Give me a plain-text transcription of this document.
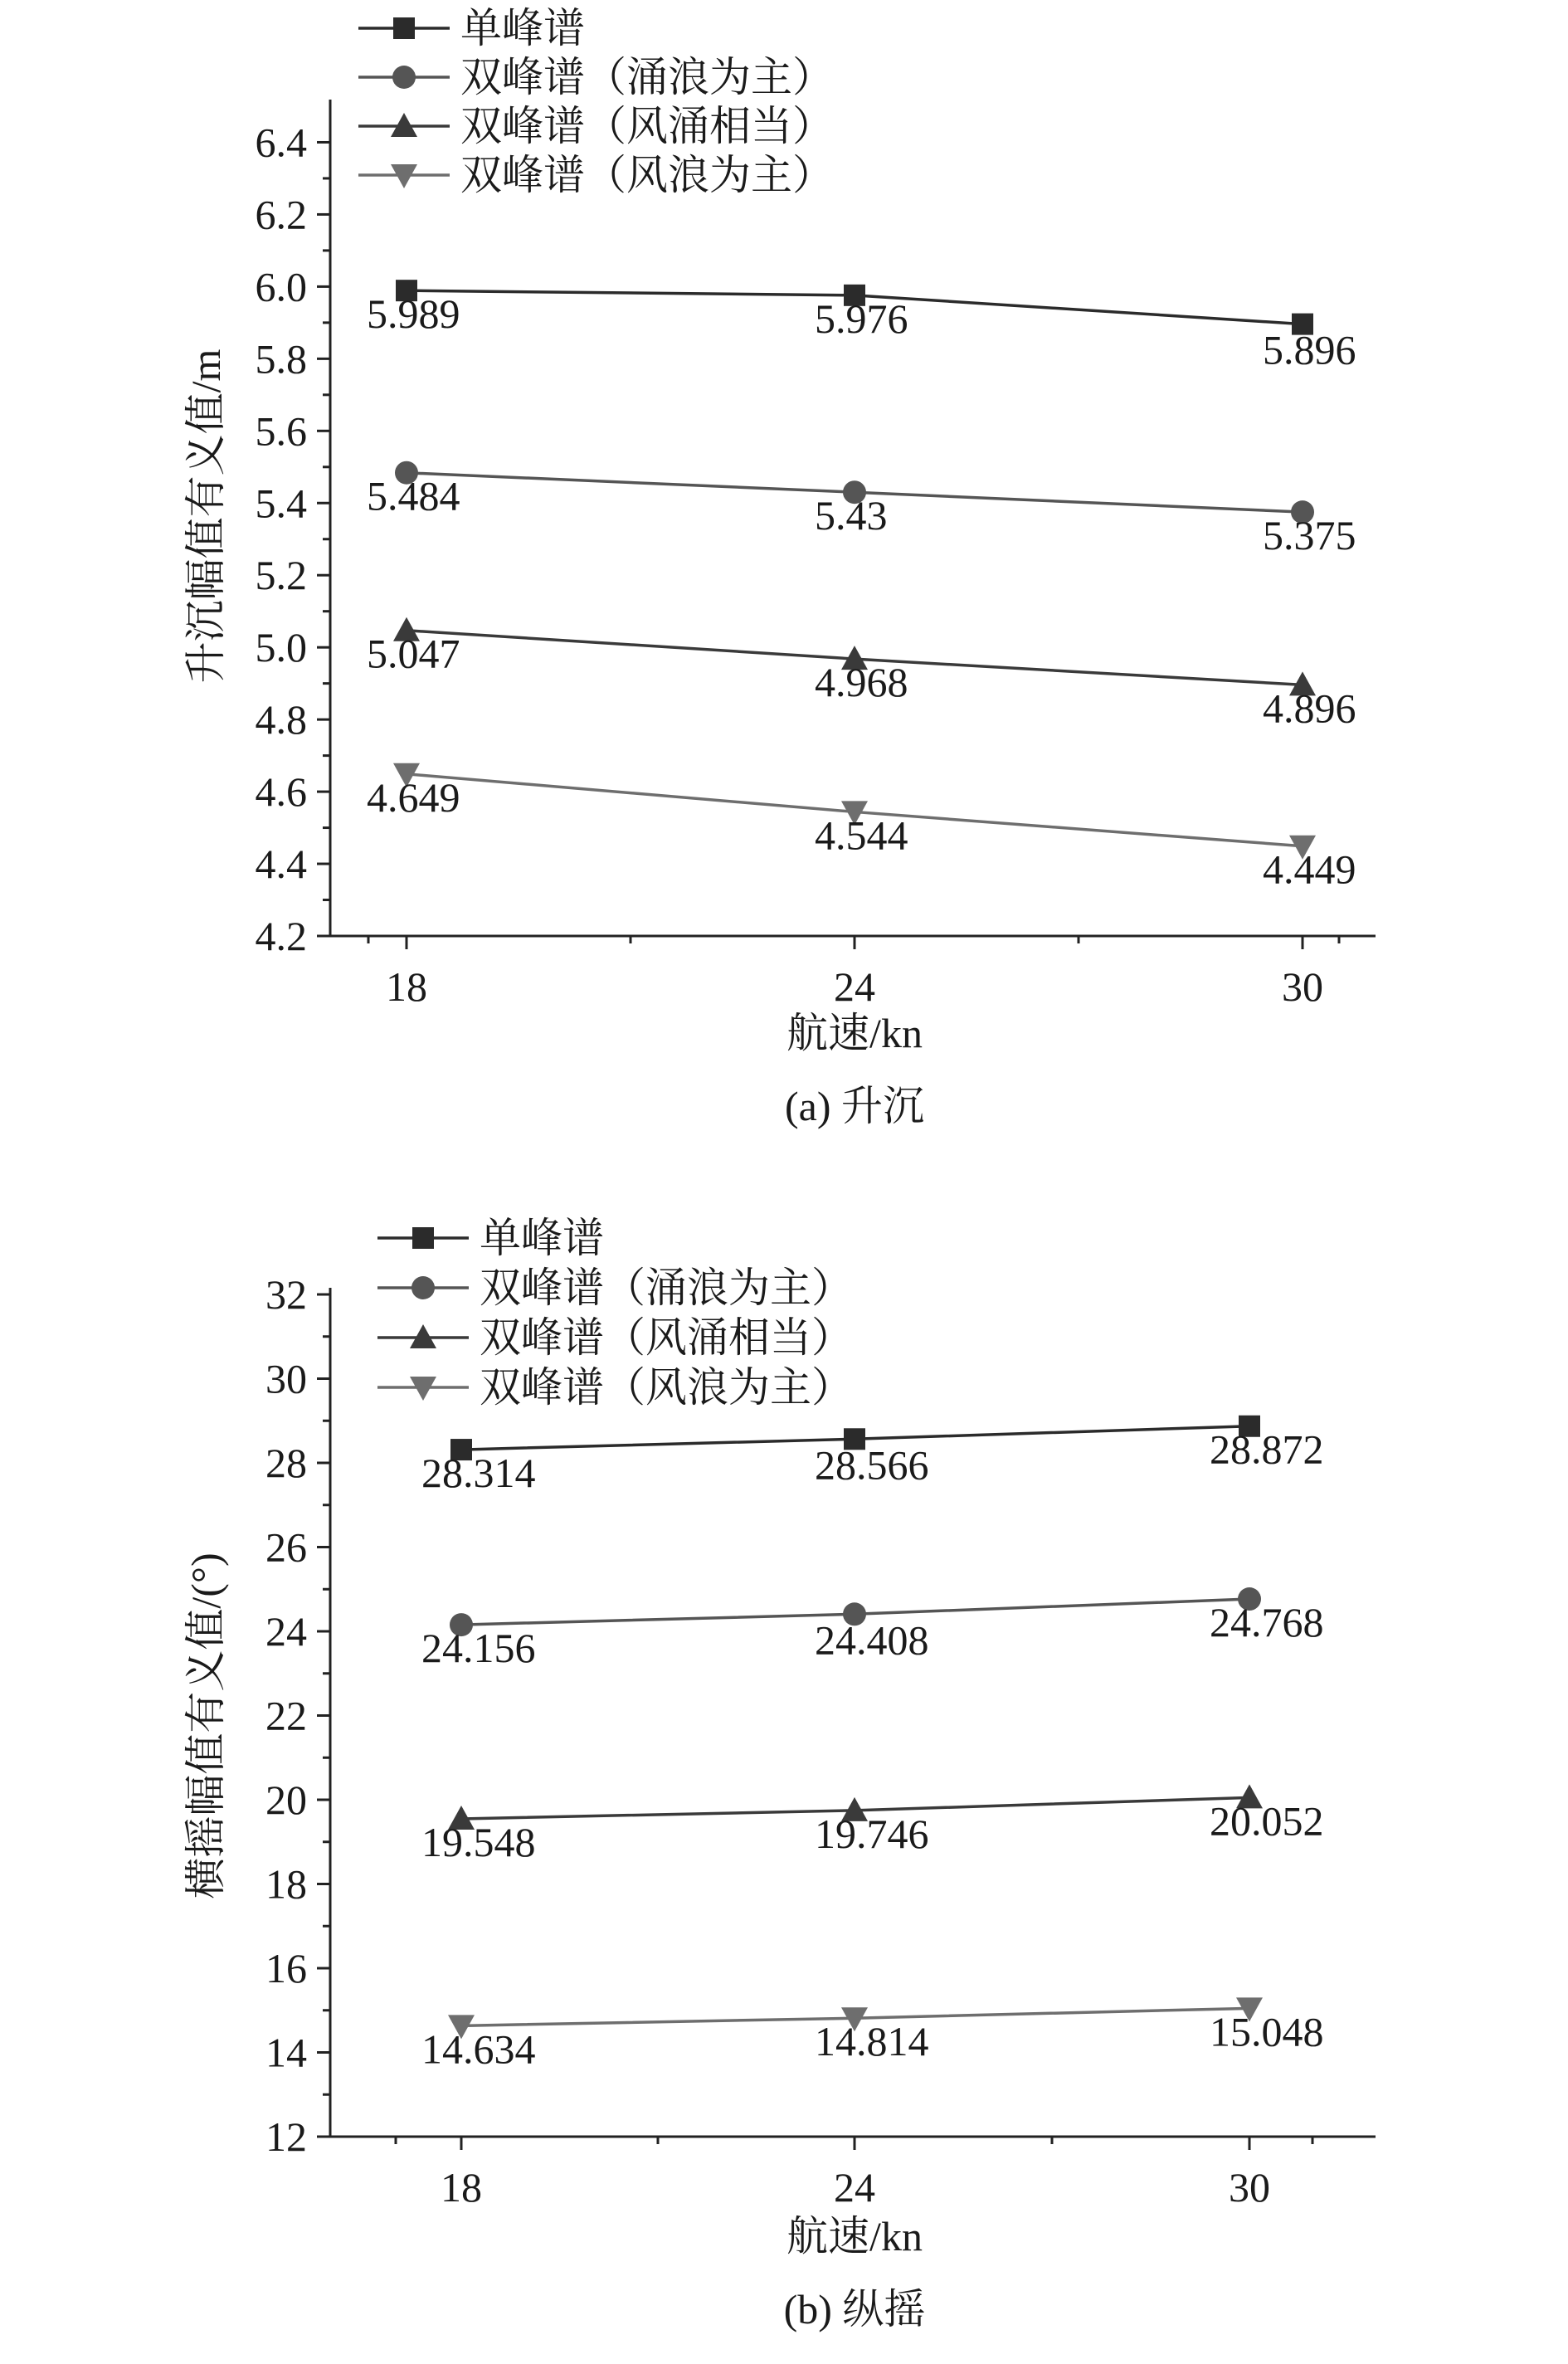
4.2
4.4
4.6
4.8
5.0
5.2
5.4
5.6
5.8
6.0
6.2
6.4
18	24	30
5.989	5.976
5.896
5.484	5.43	5.375
5.047
4.968
4.896
4.649
4.544
4.449
单峰谱
双峰谱（涌浪为主）
双峰谱（风涌相当）
双峰谱（风浪为主）
升沉幅值有义值/m
航速/kn
(a) 升沉
12
14
16
18
20
22
24
26
28
30
32
18	24	30
28.314	28.566	28.872
24.156	24.408	24.768
19.548	19.746	20.052
14.634	14.814	15.048
单峰谱
双峰谱（涌浪为主）
双峰谱（风涌相当）
双峰谱（风浪为主）
横摇幅值有义值/(°)
航速/kn
(b) 纵摇
